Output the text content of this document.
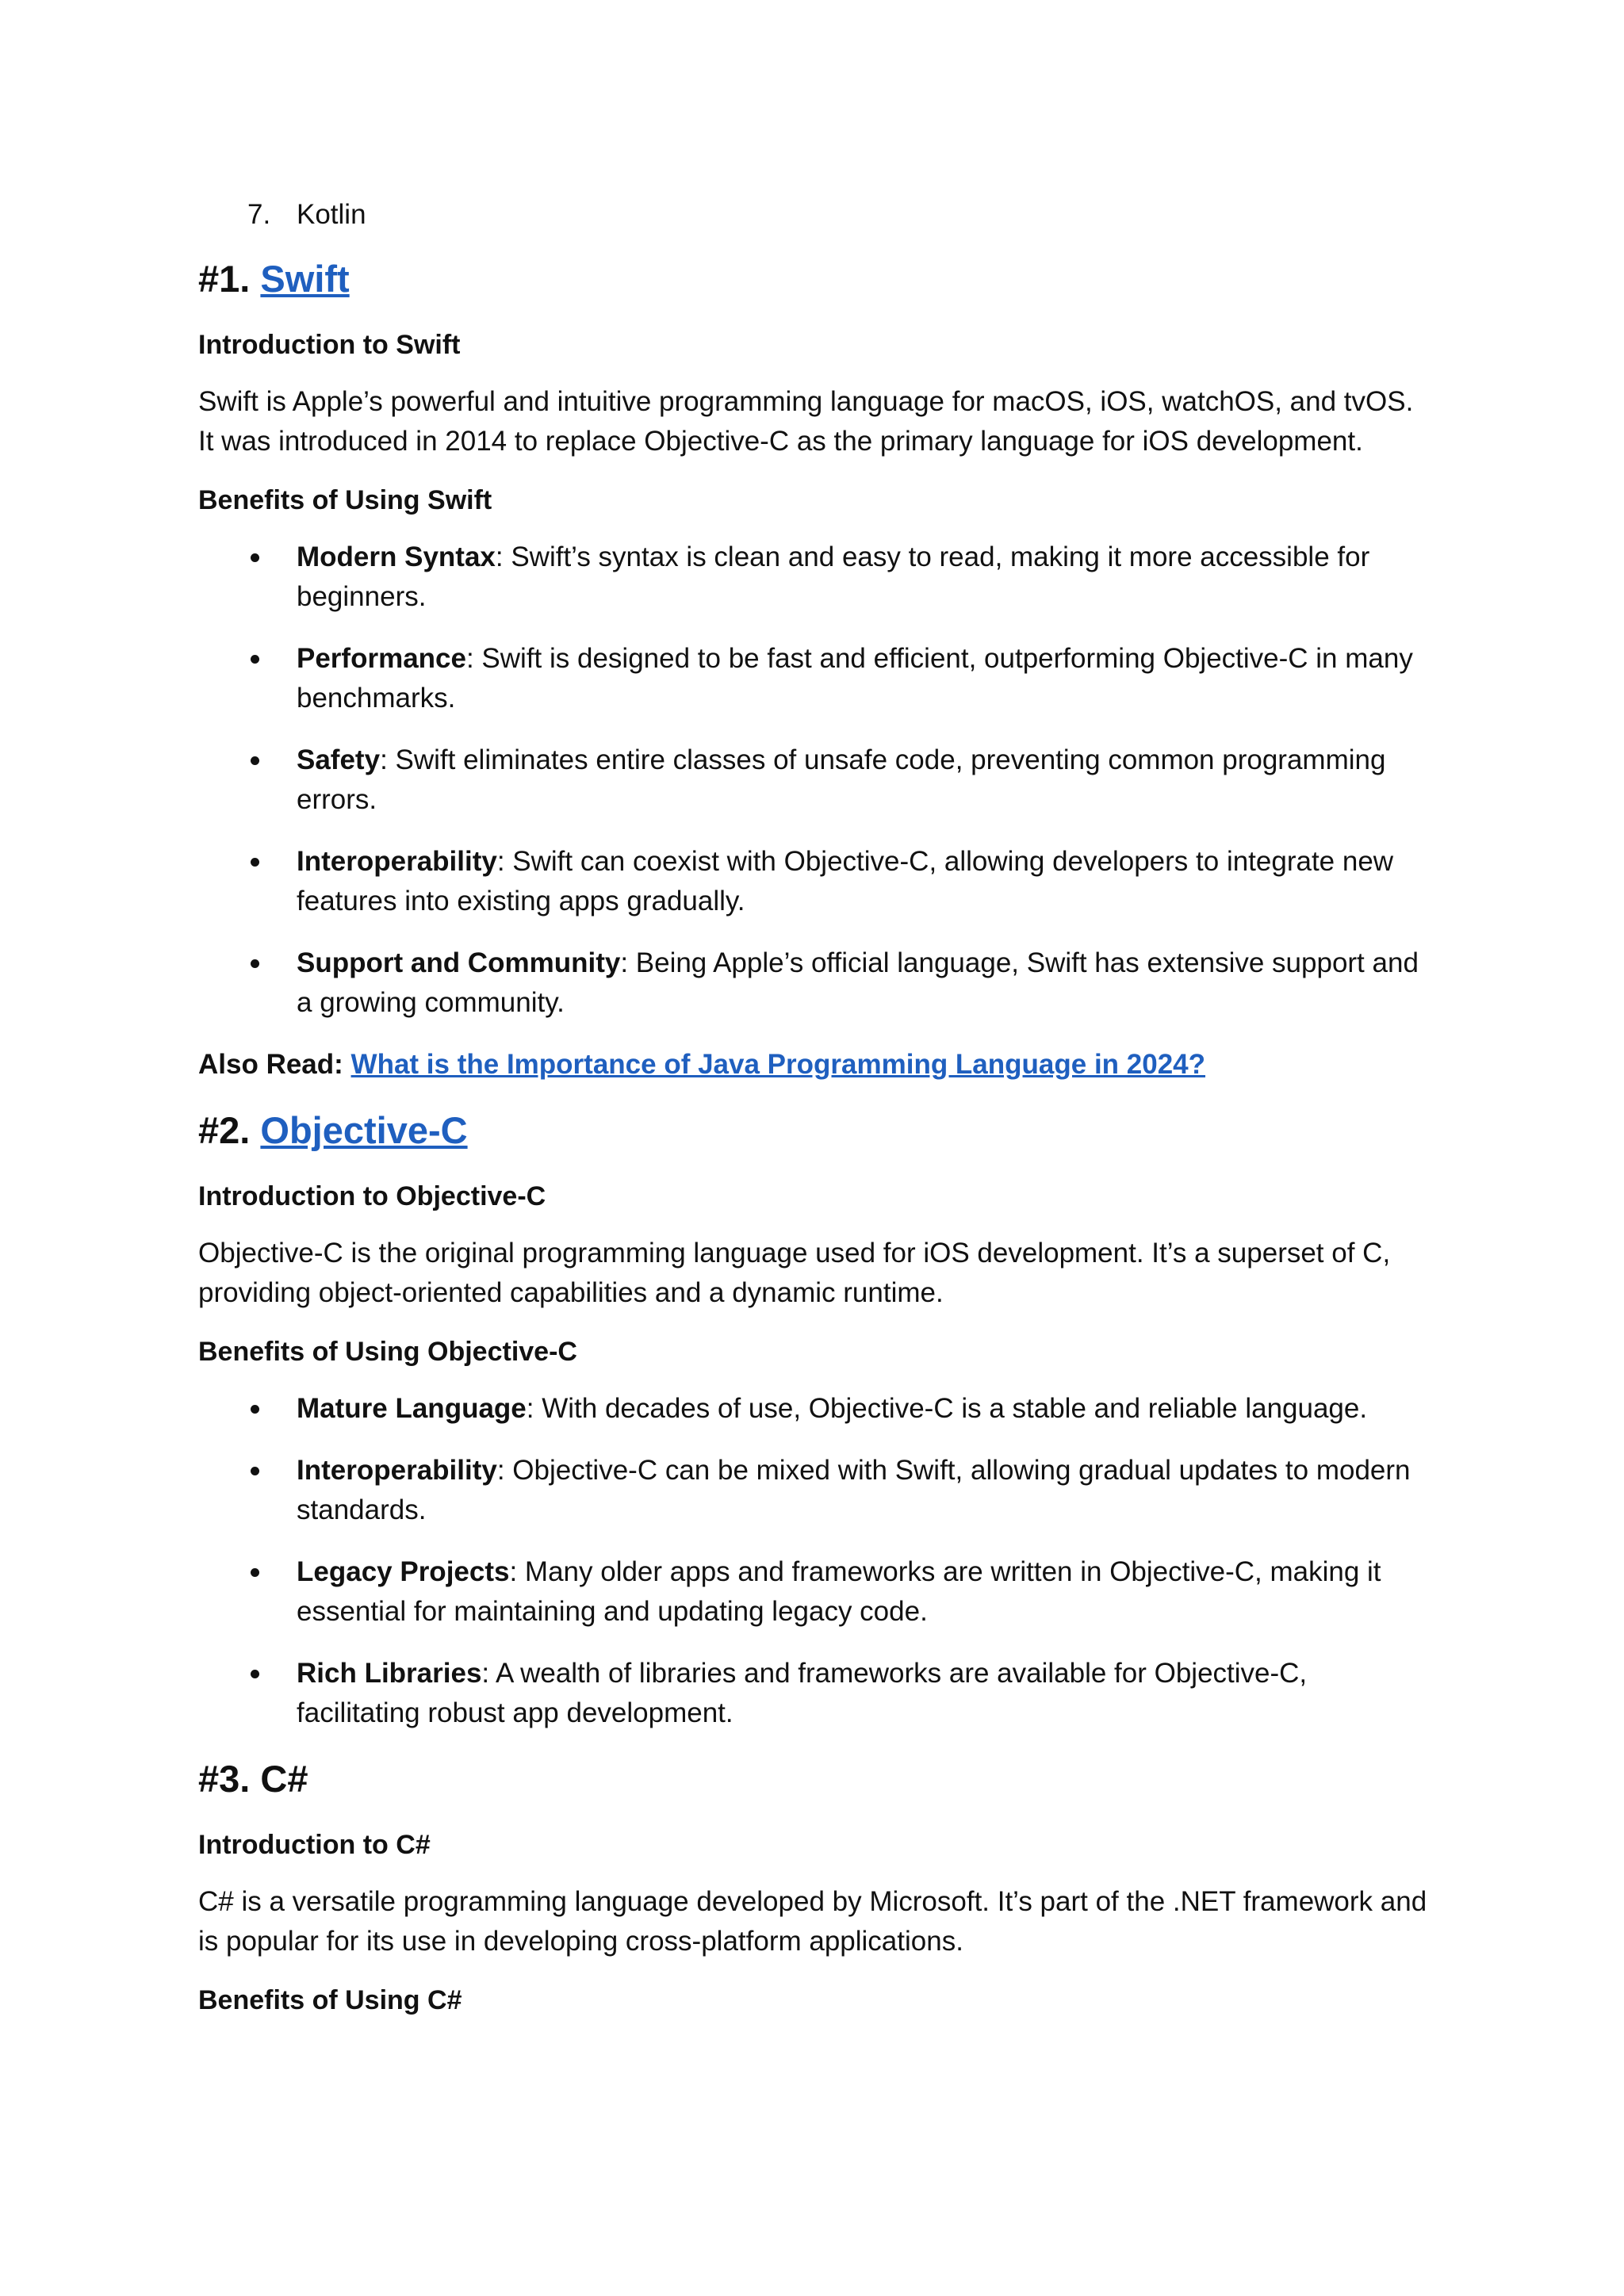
7. Kotlin
#1. Swift
Introduction to Swift
Swift is Apple’s powerful and intuitive programming language for macOS, iOS, watchOS, and tvOS. It was introduced in 2014 to replace Objective-C as the primary language for iOS development.
Benefits of Using Swift
Modern Syntax: Swift’s syntax is clean and easy to read, making it more accessible for beginners.
Performance: Swift is designed to be fast and efficient, outperforming Objective-C in many benchmarks.
Safety: Swift eliminates entire classes of unsafe code, preventing common programming errors.
Interoperability: Swift can coexist with Objective-C, allowing developers to integrate new features into existing apps gradually.
Support and Community: Being Apple’s official language, Swift has extensive support and a growing community.
Also Read: What is the Importance of Java Programming Language in 2024?
#2. Objective-C
Introduction to Objective-C
Objective-C is the original programming language used for iOS development. It’s a superset of C, providing object-oriented capabilities and a dynamic runtime.
Benefits of Using Objective-C
Mature Language: With decades of use, Objective-C is a stable and reliable language.
Interoperability: Objective-C can be mixed with Swift, allowing gradual updates to modern standards.
Legacy Projects: Many older apps and frameworks are written in Objective-C, making it essential for maintaining and updating legacy code.
Rich Libraries: A wealth of libraries and frameworks are available for Objective-C, facilitating robust app development.
#3. C#
Introduction to C#
C# is a versatile programming language developed by Microsoft. It’s part of the .NET framework and is popular for its use in developing cross-platform applications.
Benefits of Using C#
